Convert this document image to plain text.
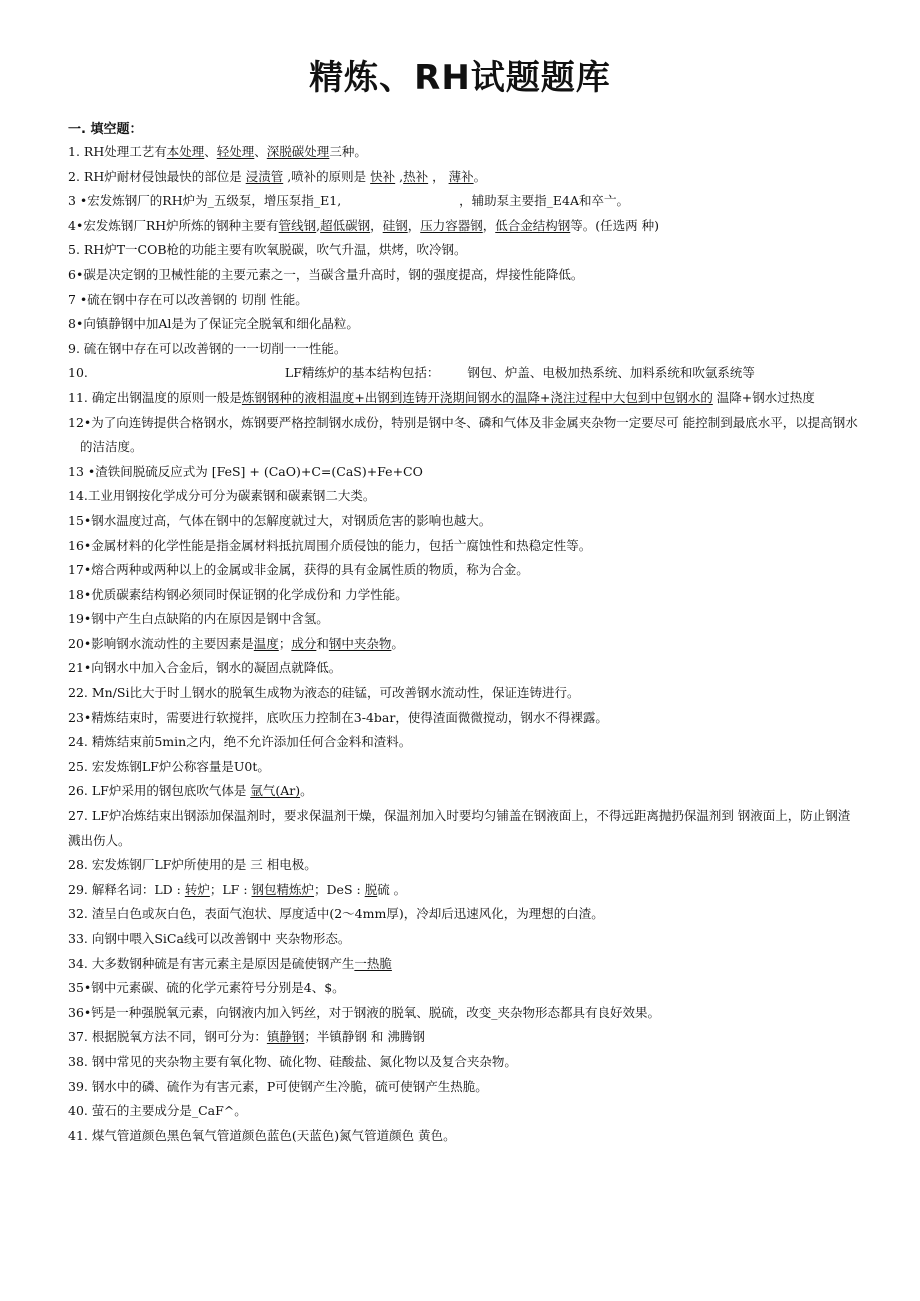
精炼、RH试题题库
一. 填空题：
1. RH处理工艺有本处理、轻处理、深脱碳处理三种。
2. RH炉耐材侵蚀最快的部位是 浸渍管 ,喷补的原则是 快补 ,热补 ， 薄补。
3 •宏发炼钢厂的RH炉为_五级泵，增压泵指_E1,	，辅助泵主要指_E4A和卒亠。
4•宏发炼钢厂RH炉所炼的钢种主要有管线钢,超低碳钢，硅钢，压力容器钢，低合金结构钢等。(任选两 种)
5. RH炉T一COB枪的功能主要有吹氧脱碳，吹气升温，烘烤，吹冷钢。
6•碳是决定钢的卫械性能的主要元素之一，当碳含量升高时，钢的强度提高，焊接性能降低。
7 •硫在钢中存在可以改善钢的 切削 性能。
8•向镇静钢中加Al是为了保证完全脱氧和细化晶粒。
9. 硫在钢中存在可以改善钢的一一切削一一性能。
10.	LF精练炉的基本结构包括： 钢包、炉盖、电极加热系统、加料系统和吹氩系统等
11. 确定出钢温度的原则一般是炼钢钢种的液相温度+出钢到连铸开浇期间钢水的温降+浇注过程中大包到中包钢水的 温降+钢水过热度
12•为了向连铸提供合格钢水，炼钢要严格控制钢水成份，特别是钢中冬、磷和气体及非金属夹杂物一定要尽可 能控制到最底水平，以提高钢水的洁洁度。
13 •渣铁间脱硫反应式为 [FeS] + (CaO)+C=(CaS)+Fe+CO
14.工业用钢按化学成分可分为碳素钢和碳素钢二大类。
15•钢水温度过高，气体在钢中的怎解度就过大，对钢质危害的影响也越大。
16•金属材料的化学性能是指金属材料抵抗周围介质侵蚀的能力，包括亠腐蚀性和热稳定性等。
17•熔合两种或两种以上的金属或非金属，获得的具有金属性质的物质，称为合金。
18•优质碳素结构钢必须同时保证钢的化学成份和 力学性能。
19•钢中产生白点缺陷的内在原因是钢中含氢。
20•影响钢水流动性的主要因素是温度；成分和钢中夹杂物。
21•向钢水中加入合金后，钢水的凝固点就降低。
22. Mn/Si比大于时丄钢水的脱氧生成物为液态的硅锰，可改善钢水流动性，保证连铸进行。
23•精炼结束时，需要进行软搅拌，底吹压力控制在3-4bar，使得渣面微微搅动，钢水不得裸露。
24. 精炼结束前5min之内，绝不允许添加任何合金料和渣料。
25. 宏发炼钢LF炉公称容量是U0t。
26. LF炉采用的钢包底吹气体是 氩气(Ar)。
27. LF炉冶炼结束出钢添加保温剂时，要求保温剂干燥，保温剂加入时要均匀铺盖在钢液面上，不得远距离抛扔保温剂到 钢液面上，防止钢渣溅出伤人。
28. 宏发炼钢厂LF炉所使用的是 三 相电极。
29. 解释名词：LD : 转炉；LF : 钢包精炼炉；DeS : 脱硫 。
32. 渣呈白色或灰白色，表面气泡状、厚度适中(2〜4mm厚)，冷却后迅速风化，为理想的白渣。
33. 向钢中喂入SiCa线可以改善钢中 夹杂物形态。
34. 大多数钢种硫是有害元素主是原因是硫使钢产生一热脆
35•钢中元素碳、硫的化学元素符号分别是4、$。
36•钙是一种强脱氧元素，向钢液内加入钙丝，对于钢液的脱氧、脱硫，改变_夹杂物形态都具有良好效果。
37. 根据脱氧方法不同，钢可分为：镇静钢；半镇静钢 和 沸腾钢
38. 钢中常见的夹杂物主要有氧化物、硫化物、硅酸盐、氮化物以及复合夹杂物。
39. 钢水中的磷、硫作为有害元素，P可使钢产生冷脆，硫可使钢产生热脆。
40. 萤石的主要成分是_CaF^。
41. 煤气管道颜色黑色氧气管道颜色蓝色(天蓝色)氮气管道颜色 黄色。
